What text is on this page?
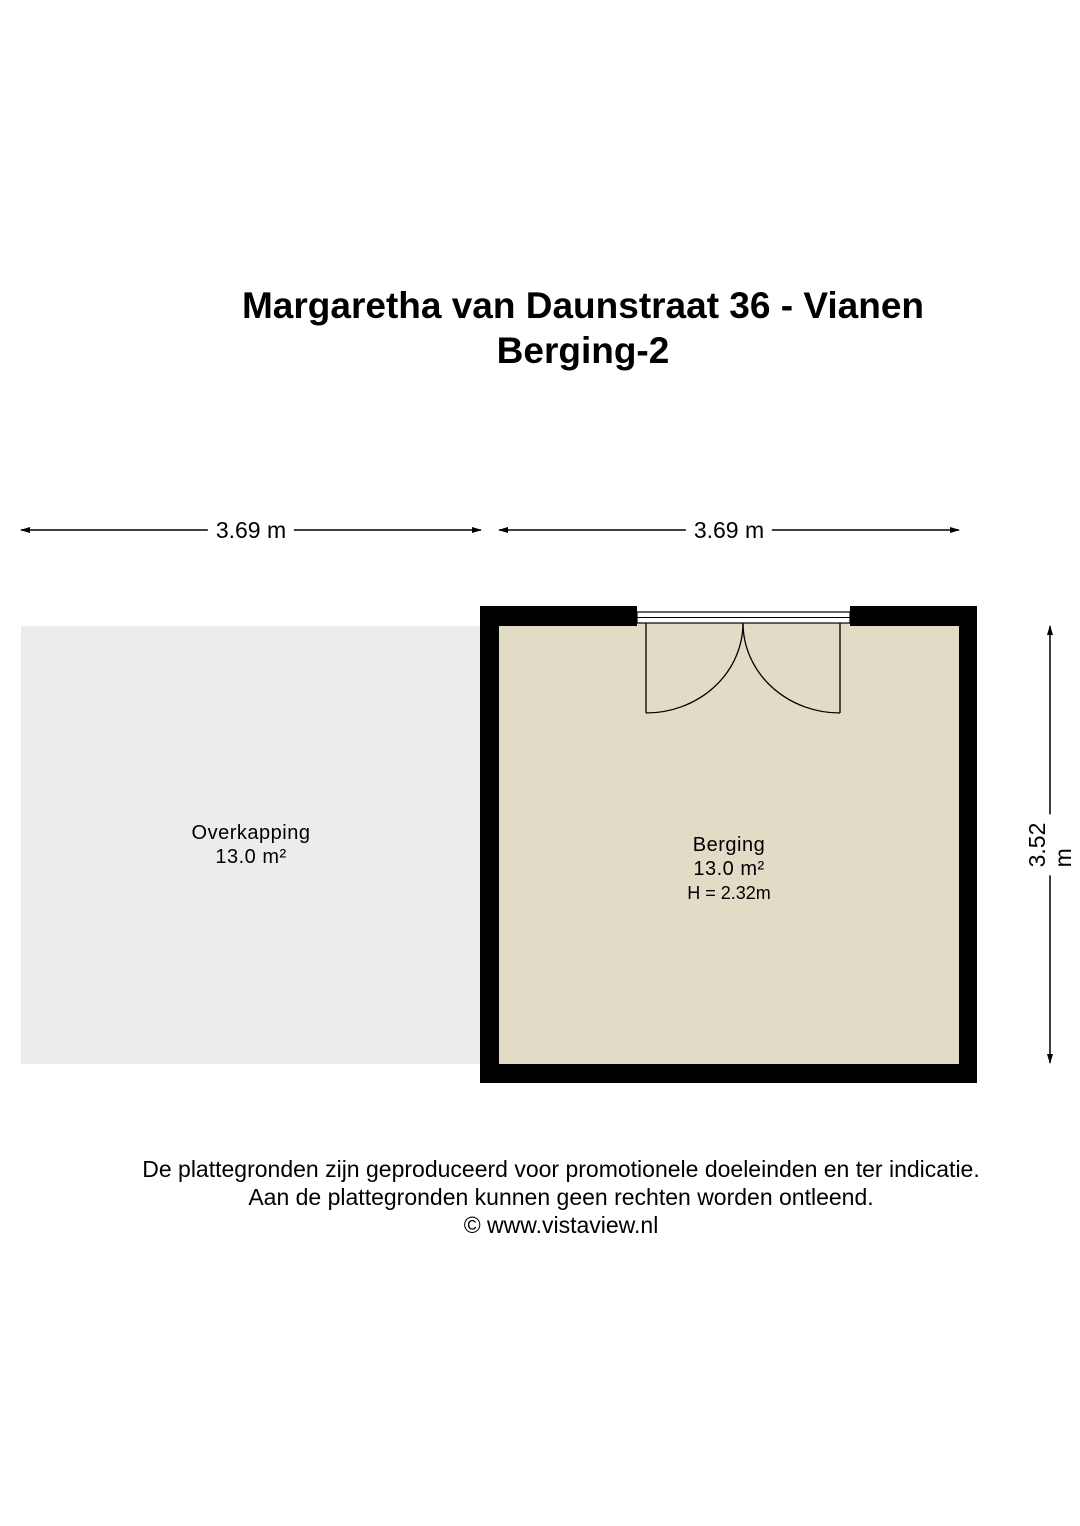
Margaretha van Daunstraat 36 - Vianen
Berging-2
3.69 m	3.69 m
3.52 m
Overkapping
13.0 m²
Berging
13.0 m²
H = 2.32m
De plattegronden zijn geproduceerd voor promotionele doeleinden en ter indicatie.
Aan de plattegronden kunnen geen rechten worden ontleend.
© www.vistaview.nl
